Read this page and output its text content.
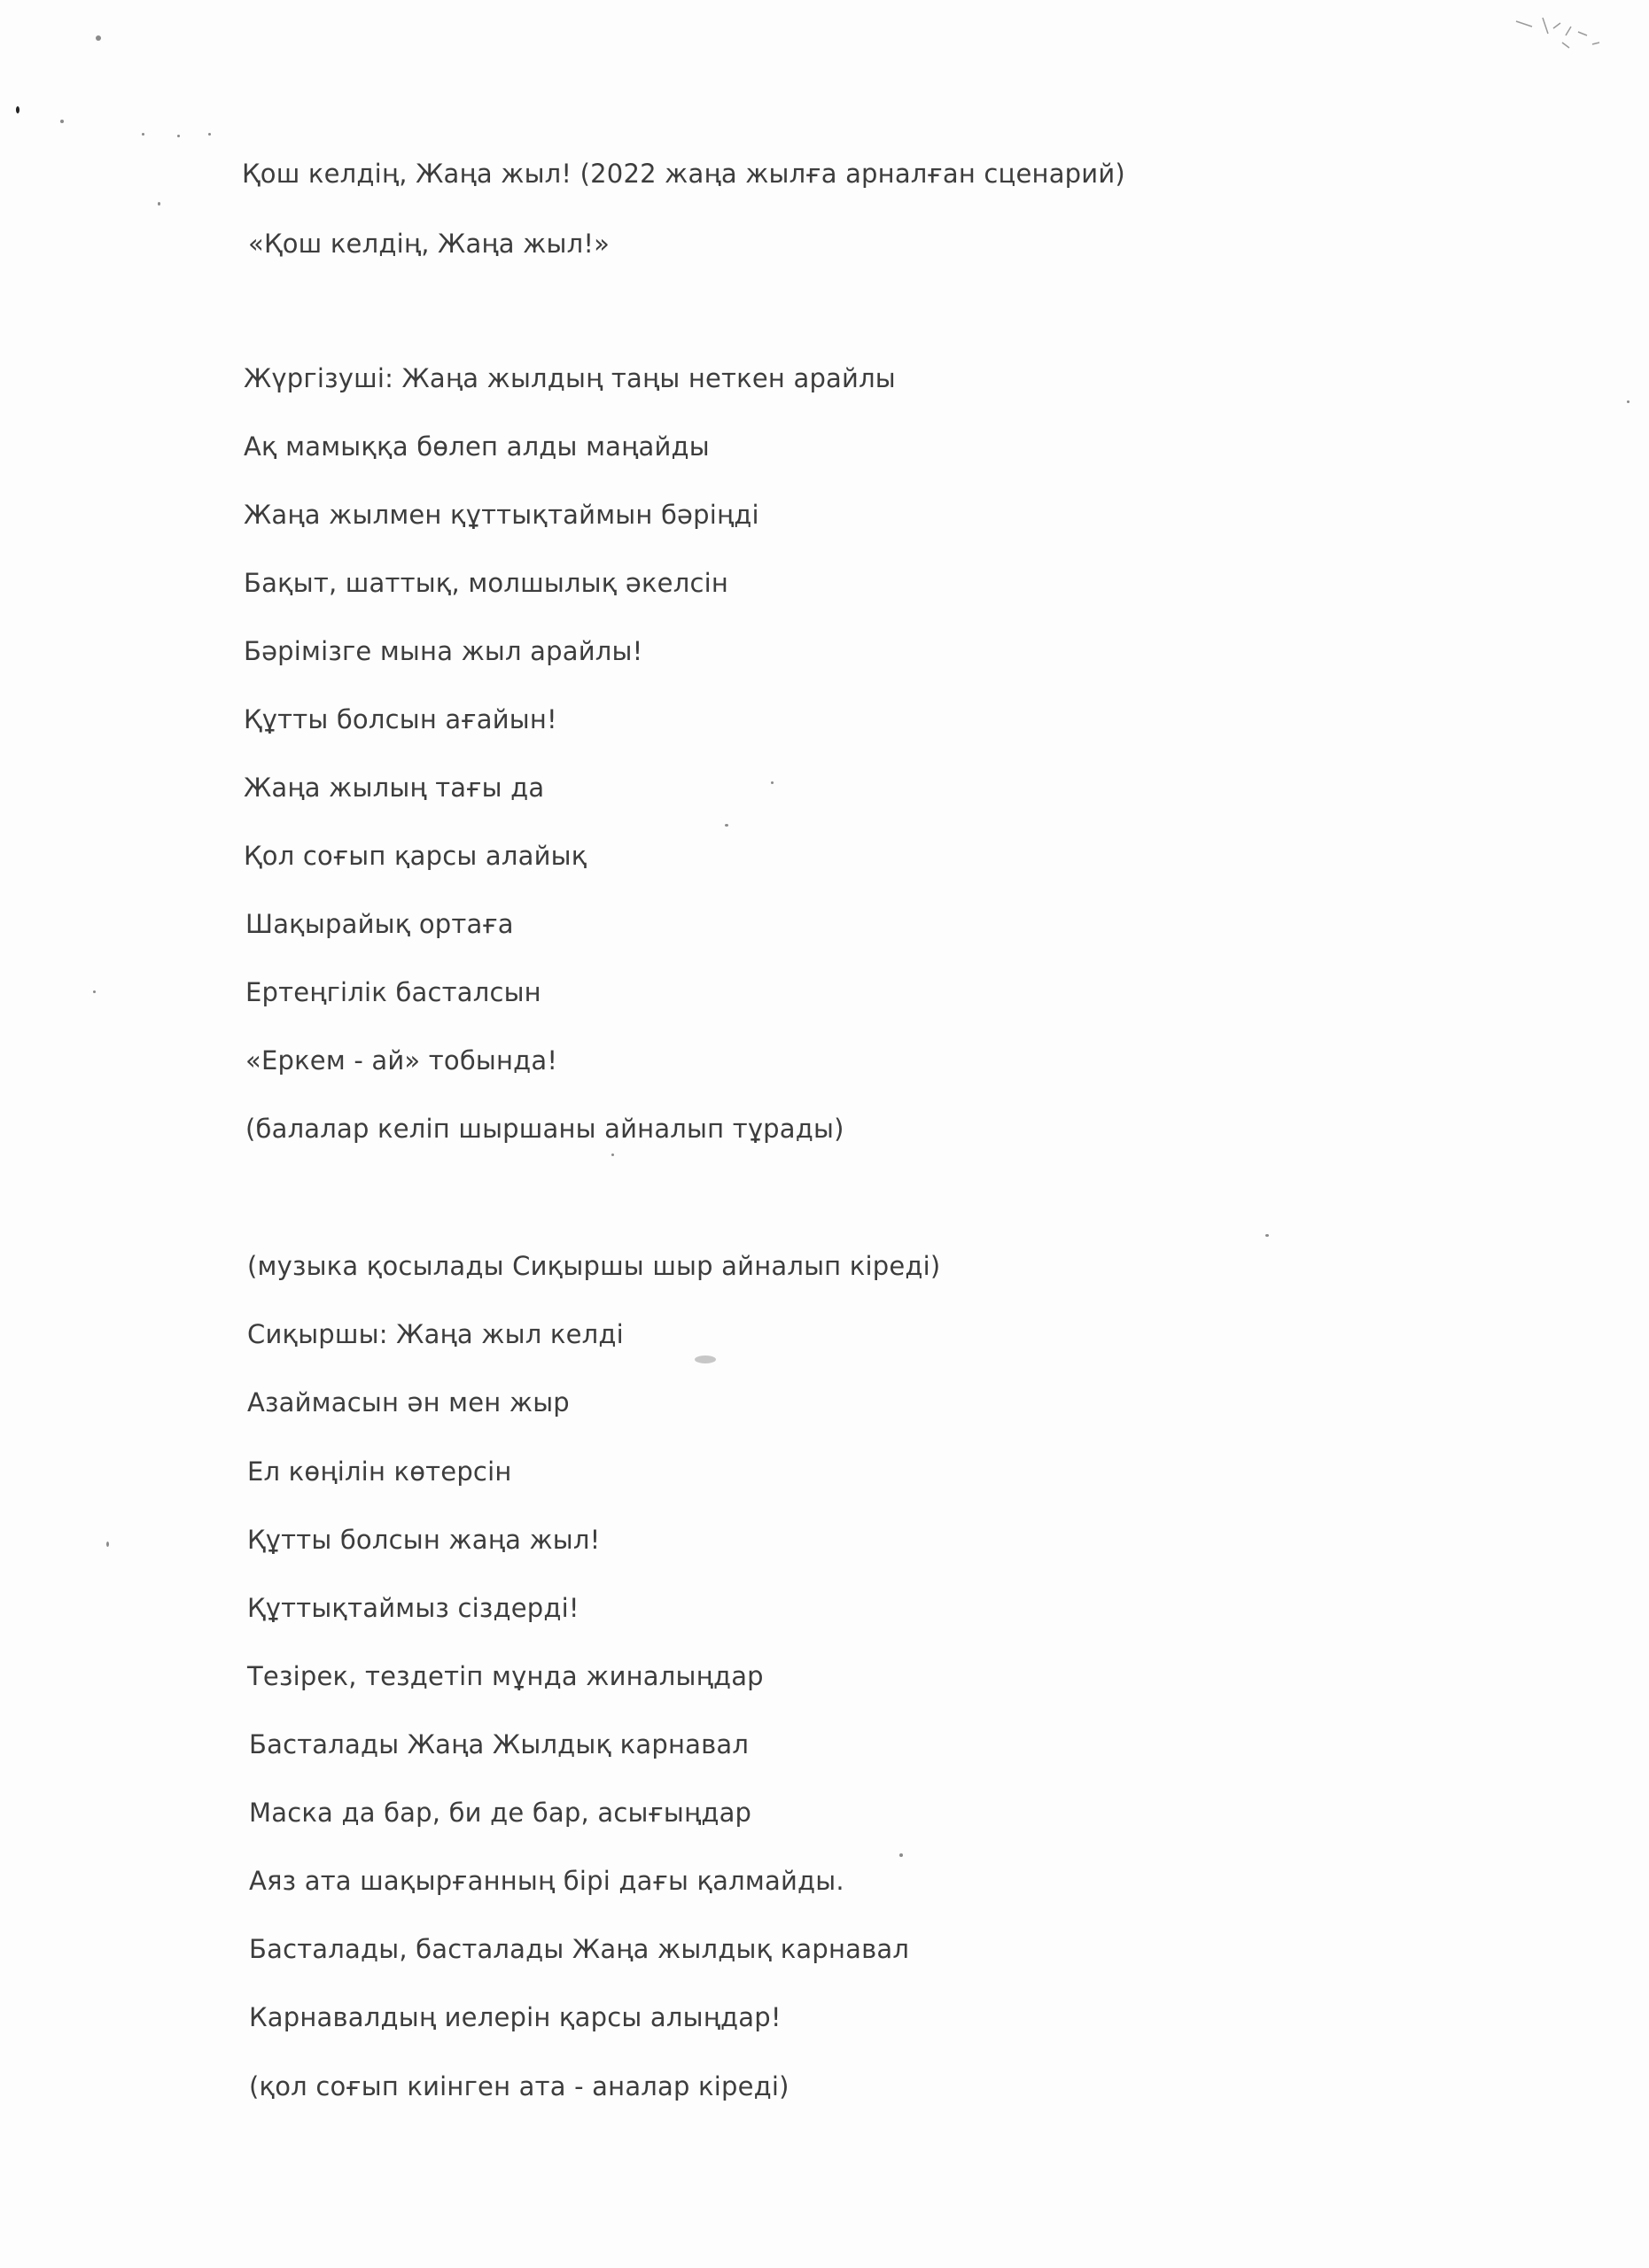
Қош келдің, Жаңа жыл! (2022 жаңа жылға арналған сценарий)
«Қош келдің, Жаңа жыл!»
Жүргізуші: Жаңа жылдың таңы неткен арайлы
Ақ мамыққа бөлеп алды маңайды
Жаңа жылмен құттықтаймын бәріңді
Бақыт, шаттық, молшылық әкелсін
Бәрімізге мына жыл арайлы!
Құтты болсын ағайын!
Жаңа жылың тағы да
Қол соғып қарсы алайық
Шақырайық ортаға
Ертеңгілік басталсын
«Еркем - ай» тобында!
(балалар келіп шыршаны айналып тұрады)
(музыка қосылады Сиқыршы шыр айналып кіреді)
Сиқыршы: Жаңа жыл келді
Азаймасын ән мен жыр
Ел көңілін көтерсін
Құтты болсын жаңа жыл!
Құттықтаймыз сіздерді!
Тезірек, тездетіп мұнда жиналыңдар
Басталады Жаңа Жылдық карнавал
Маска да бар, би де бар, асығыңдар
Аяз ата шақырғанның бірі дағы қалмайды.
Басталады, басталады Жаңа жылдық карнавал
Карнавалдың иелерін қарсы алыңдар!
(қол соғып киінген ата - аналар кіреді)
